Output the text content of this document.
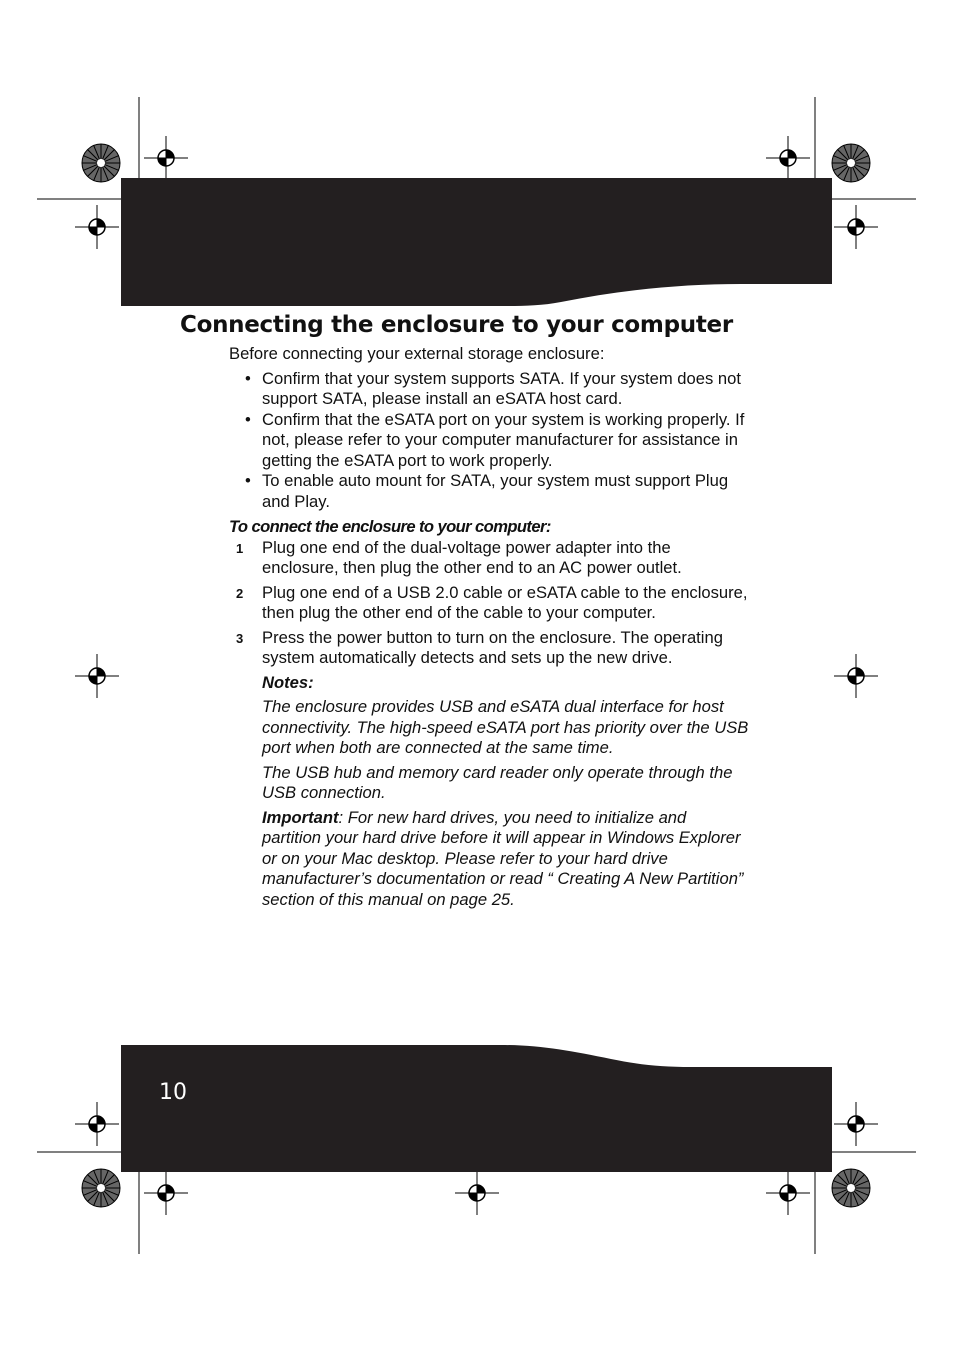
10
Connecting the enclosure to your computer

Before connecting your external storage enclosure:

• Confirm that your system supports SATA. If your system does not support SATA, please install an eSATA host card.
• Confirm that the eSATA port on your system is working properly. If not, please refer to your computer manufacturer for assistance in getting the eSATA port to work properly.
• To enable auto mount for SATA, your system must support Plug and Play.

To connect the enclosure to your computer:

1 Plug one end of the dual-voltage power adapter into the enclosure, then plug the other end to an AC power outlet.
2 Plug one end of a USB 2.0 cable or eSATA cable to the enclosure, then plug the other end of the cable to your computer.
3 Press the power button to turn on the enclosure. The operating system automatically detects and sets up the new drive.

Notes:

The enclosure provides USB and eSATA dual interface for host connectivity. The high-speed eSATA port has priority over the USB port when both are connected at the same time.

The USB hub and memory card reader only operate through the USB connection.

Important: For new hard drives, you need to initialize and partition your hard drive before it will appear in Windows Explorer or on your Mac desktop. Please refer to your hard drive manufacturer’s documentation or read “ Creating A New Partition” section of this manual on page 25.
